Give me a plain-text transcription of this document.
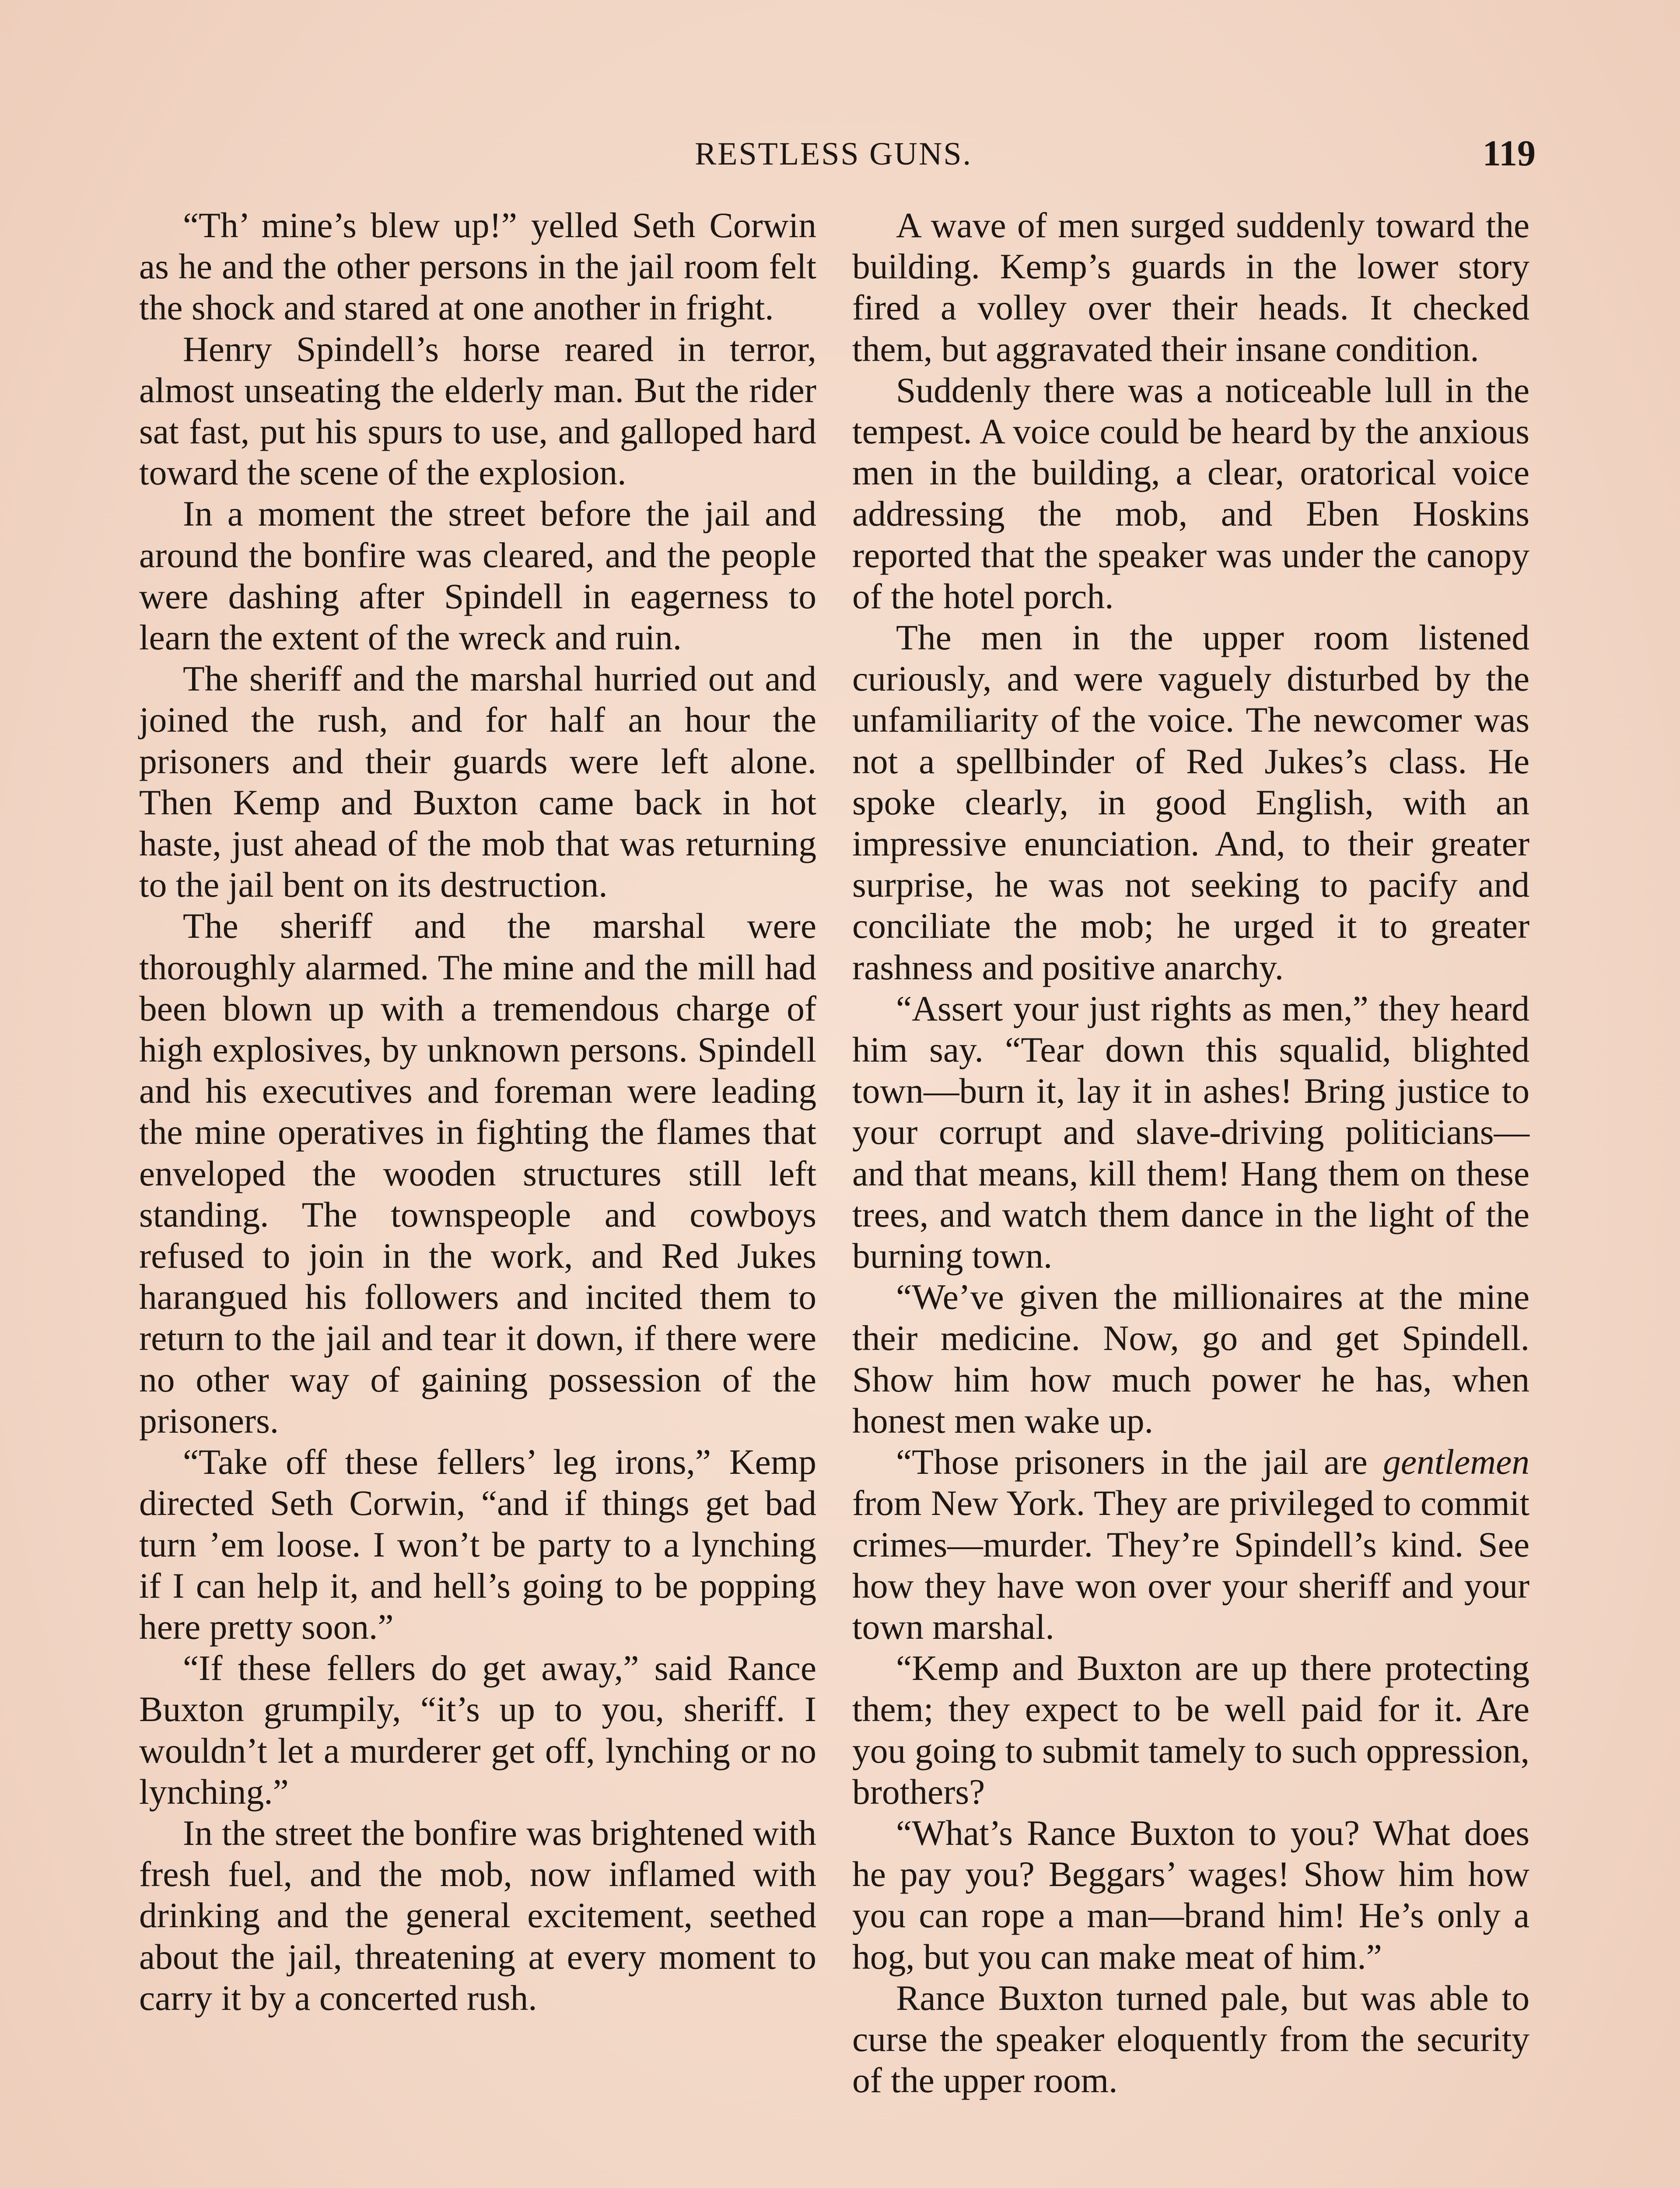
RESTLESS GUNS.	119

“Th’ mine’s blew up!” yelled Seth Corwin as he and the other persons in the jail room felt the shock and stared at one another in fright.

Henry Spindell’s horse reared in terror, almost unseating the elderly man. But the rider sat fast, put his spurs to use, and galloped hard toward the scene of the explosion.

In a moment the street before the jail and around the bonfire was cleared, and the people were dashing after Spindell in eagerness to learn the extent of the wreck and ruin.

The sheriff and the marshal hurried out and joined the rush, and for half an hour the prisoners and their guards were left alone. Then Kemp and Buxton came back in hot haste, just ahead of the mob that was returning to the jail bent on its destruction.

The sheriff and the marshal were thoroughly alarmed. The mine and the mill had been blown up with a tremendous charge of high explosives, by unknown persons. Spindell and his executives and foreman were leading the mine operatives in fighting the flames that enveloped the wooden structures still left standing. The townspeople and cowboys refused to join in the work, and Red Jukes harangued his followers and incited them to return to the jail and tear it down, if there were no other way of gaining possession of the prisoners.

“Take off these fellers’ leg irons,” Kemp directed Seth Corwin, “and if things get bad turn ’em loose. I won’t be party to a lynching if I can help it, and hell’s going to be popping here pretty soon.”

“If these fellers do get away,” said Rance Buxton grumpily, “it’s up to you, sheriff. I wouldn’t let a murderer get off, lynching or no lynching.”

In the street the bonfire was brightened with fresh fuel, and the mob, now inflamed with drinking and the general excitement, seethed about the jail, threatening at every moment to carry it by a concerted rush.

A wave of men surged suddenly toward the building. Kemp’s guards in the lower story fired a volley over their heads. It checked them, but aggravated their insane condition.

Suddenly there was a noticeable lull in the tempest. A voice could be heard by the anxious men in the building, a clear, oratorical voice addressing the mob, and Eben Hoskins reported that the speaker was under the canopy of the hotel porch.

The men in the upper room listened curiously, and were vaguely disturbed by the unfamiliarity of the voice. The newcomer was not a spellbinder of Red Jukes’s class. He spoke clearly, in good English, with an impressive enunciation. And, to their greater surprise, he was not seeking to pacify and conciliate the mob; he urged it to greater rashness and positive anarchy.

“Assert your just rights as men,” they heard him say. “Tear down this squalid, blighted town—burn it, lay it in ashes! Bring justice to your corrupt and slave-driving politicians—and that means, kill them! Hang them on these trees, and watch them dance in the light of the burning town.

“We’ve given the millionaires at the mine their medicine. Now, go and get Spindell. Show him how much power he has, when honest men wake up.

“Those prisoners in the jail are gentlemen from New York. They are privileged to commit crimes—murder. They’re Spindell’s kind. See how they have won over your sheriff and your town marshal.

“Kemp and Buxton are up there protecting them; they expect to be well paid for it. Are you going to submit tamely to such oppression, brothers?

“What’s Rance Buxton to you? What does he pay you? Beggars’ wages! Show him how you can rope a man—brand him! He’s only a hog, but you can make meat of him.”

Rance Buxton turned pale, but was able to curse the speaker eloquently from the security of the upper room.
